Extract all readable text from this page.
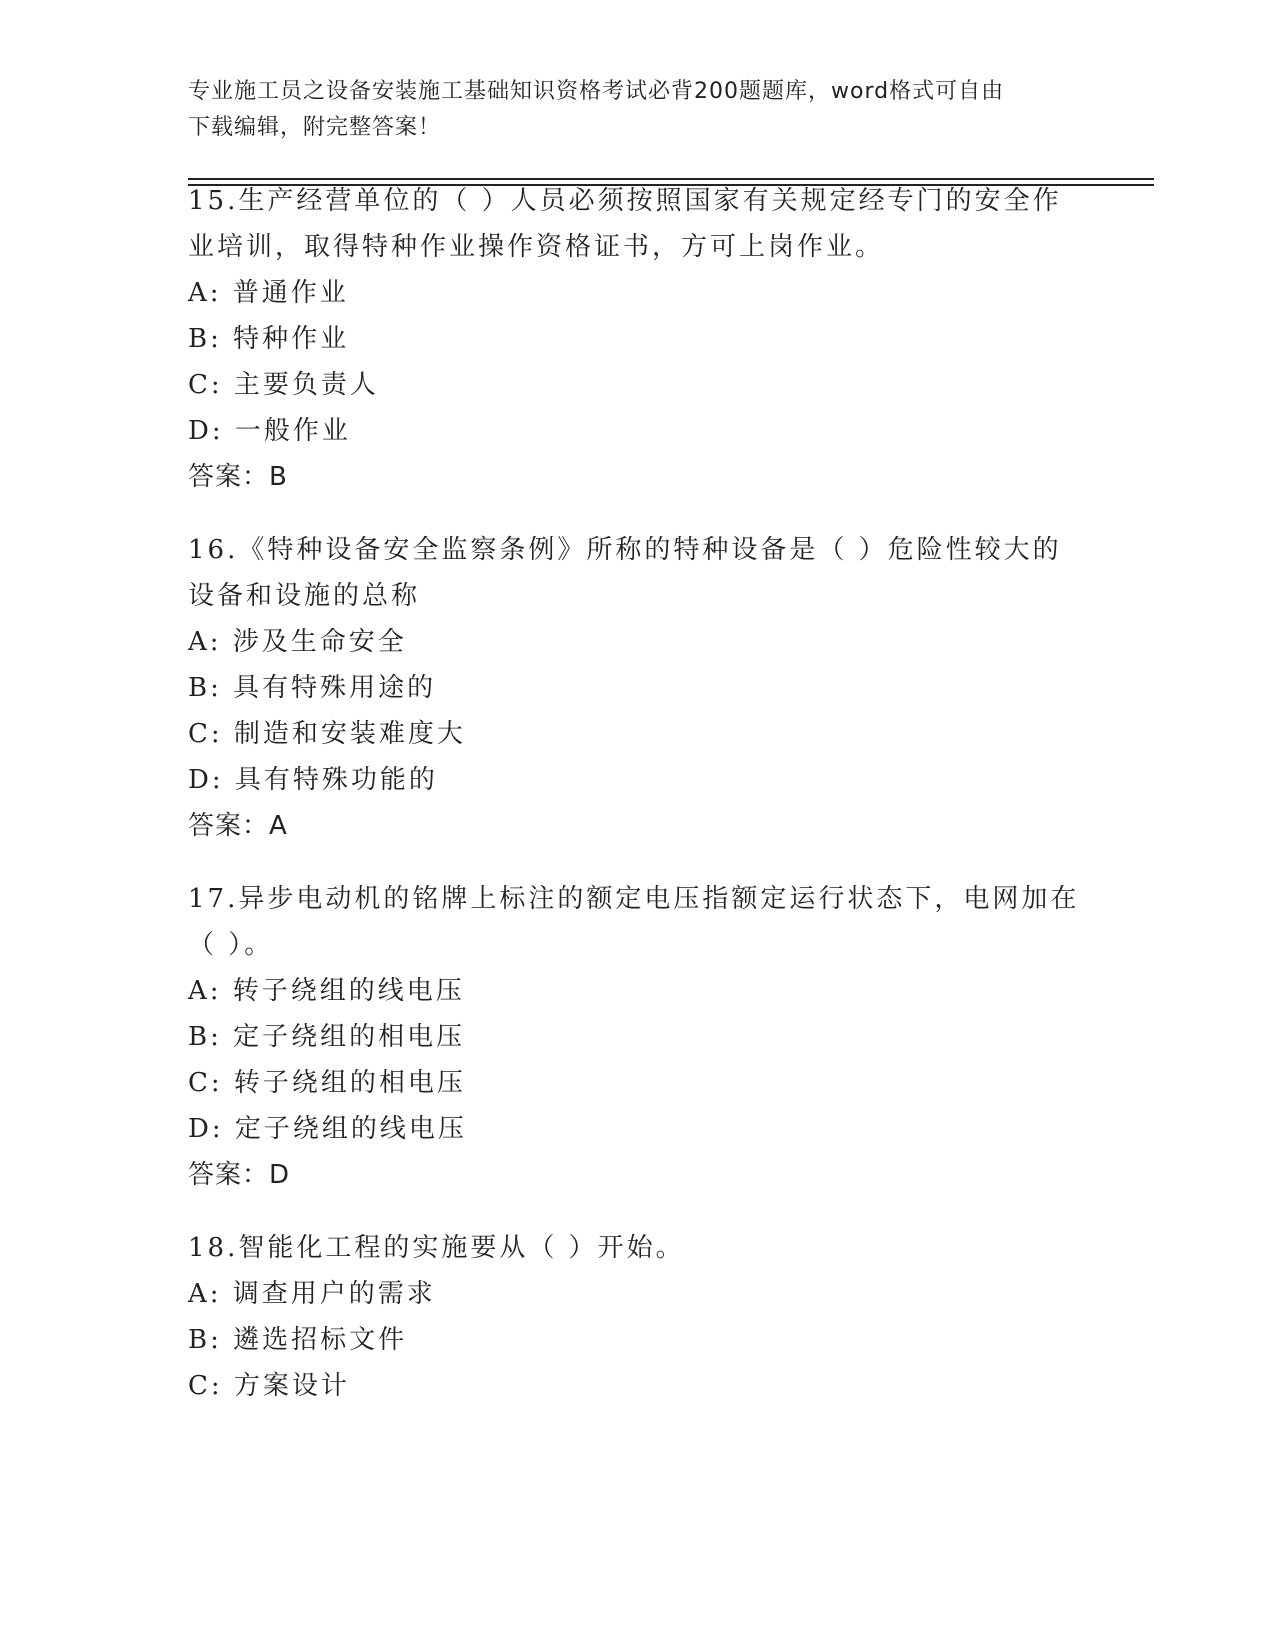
专业施工员之设备安装施工基础知识资格考试必背200题题库，word格式可自由
下载编辑，附完整答案！
15.生产经营单位的（ ）人员必须按照国家有关规定经专门的安全作
业培训，取得特种作业操作资格证书，方可上岗作业。
A: 普通作业
B: 特种作业
C: 主要负责人
D: 一般作业
答案：B
16.《特种设备安全监察条例》所称的特种设备是（ ）危险性较大的
设备和设施的总称
A: 涉及生命安全
B: 具有特殊用途的
C: 制造和安装难度大
D: 具有特殊功能的
答案：A
17.异步电动机的铭牌上标注的额定电压指额定运行状态下，电网加在
（ ）。
A: 转子绕组的线电压
B: 定子绕组的相电压
C: 转子绕组的相电压
D: 定子绕组的线电压
答案：D
18.智能化工程的实施要从（ ）开始。
A: 调查用户的需求
B: 遴选招标文件
C: 方案设计
